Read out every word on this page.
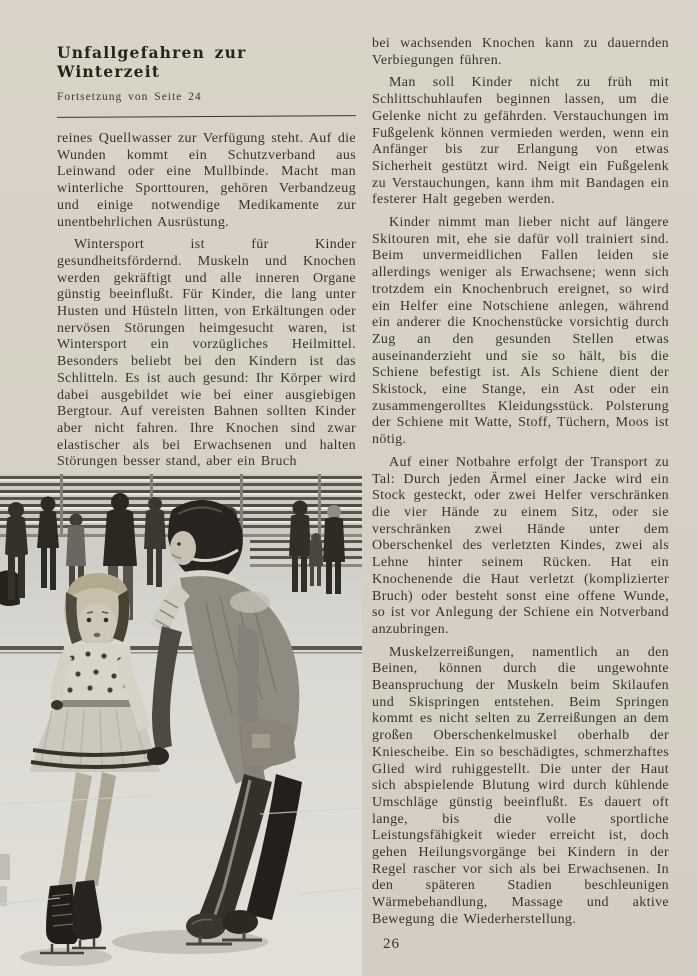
Unfallgefahren zur Winterzeit
Fortsetzung von Seite 24

reines Quellwasser zur Verfügung steht. Auf die Wunden kommt ein Schutzverband aus Leinwand oder eine Mullbinde. Macht man winterliche Sporttouren, gehören Verbandzeug und einige notwendige Medikamente zur unentbehrlichen Ausrüstung.

Wintersport ist für Kinder gesundheitsfördernd. Muskeln und Knochen werden gekräftigt und alle inneren Organe günstig beeinflußt. Für Kinder, die lang unter Husten und Hüsteln litten, von Erkältungen oder nervösen Störungen heimgesucht waren, ist Wintersport ein vorzügliches Heilmittel. Besonders beliebt bei den Kindern ist das Schlitteln. Es ist auch gesund: Ihr Körper wird dabei ausgebildet wie bei einer ausgiebigen Bergtour. Auf vereisten Bahnen sollten Kinder aber nicht fahren. Ihre Knochen sind zwar elastischer als bei Erwachsenen und halten Störungen besser stand, aber ein Bruch

bei wachsenden Knochen kann zu dauernden Verbiegungen führen.

Man soll Kinder nicht zu früh mit Schlittschuhlaufen beginnen lassen, um die Gelenke nicht zu gefährden. Verstauchungen im Fußgelenk können vermieden werden, wenn ein Anfänger bis zur Erlangung von etwas Sicherheit gestützt wird. Neigt ein Fußgelenk zu Verstauchungen, kann ihm mit Bandagen ein festerer Halt gegeben werden.

Kinder nimmt man lieber nicht auf längere Skitouren mit, ehe sie dafür voll trainiert sind. Beim unvermeidlichen Fallen leiden sie allerdings weniger als Erwachsene; wenn sich trotzdem ein Knochenbruch ereignet, so wird ein Helfer eine Notschiene anlegen, während ein anderer die Knochenstücke vorsichtig durch Zug an den gesunden Stellen etwas auseinanderzieht und sie so hält, bis die Schiene befestigt ist. Als Schiene dient der Skistock, eine Stange, ein Ast oder ein zusammengerolltes Kleidungsstück. Polsterung der Schiene mit Watte, Stoff, Tüchern, Moos ist nötig.

Auf einer Notbahre erfolgt der Transport zu Tal: Durch jeden Ärmel einer Jacke wird ein Stock gesteckt, oder zwei Helfer verschränken die vier Hände zu einem Sitz, oder sie verschränken zwei Hände unter dem Oberschenkel des verletzten Kindes, zwei als Lehne hinter seinem Rücken. Hat ein Knochenende die Haut verletzt (komplizierter Bruch) oder besteht sonst eine offene Wunde, so ist vor Anlegung der Schiene ein Notverband anzubringen.

Muskelzerreißungen, namentlich an den Beinen, können durch die ungewohnte Beanspruchung der Muskeln beim Skilaufen und Skispringen entstehen. Beim Springen kommt es nicht selten zu Zerreißungen an dem großen Oberschenkelmuskel oberhalb der Kniescheibe. Ein so beschädigtes, schmerzhaftes Glied wird ruhiggestellt. Die unter der Haut sich abspielende Blutung wird durch kühlende Umschläge günstig beeinflußt. Es dauert oft lange, bis die volle sportliche Leistungsfähigkeit wieder erreicht ist, doch gehen Heilungsvorgänge bei Kindern in der Regel rascher vor sich als bei Erwachsenen. In den späteren Stadien beschleunigen Wärmebehandlung, Massage und aktive Bewegung die Wiederherstellung.

26
